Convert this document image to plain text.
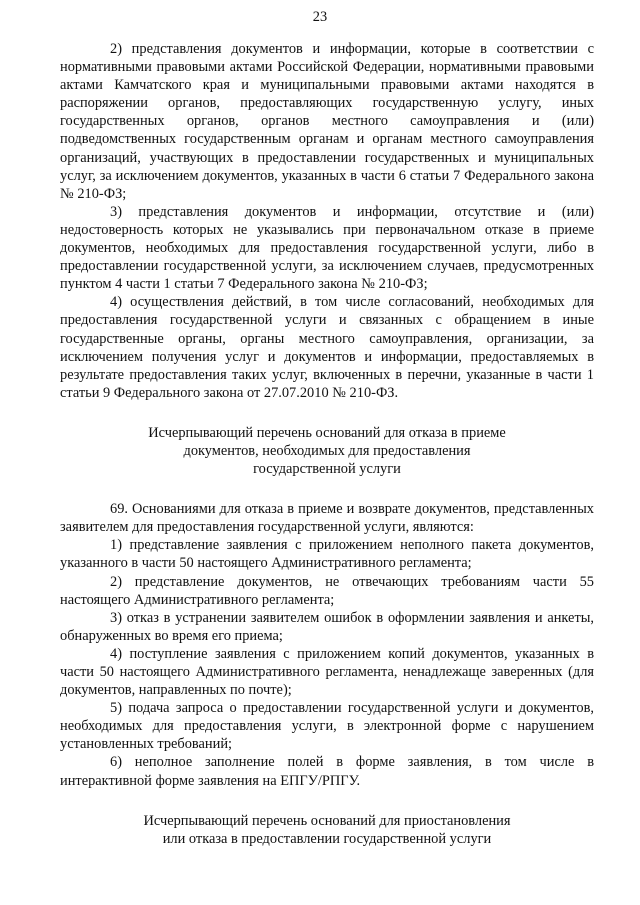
23

2) представления документов и информации, которые в соответствии с нормативными правовыми актами Российской Федерации, нормативными правовыми актами Камчатского края и муниципальными правовыми актами находятся в распоряжении органов, предоставляющих государственную услугу, иных государственных органов, органов местного самоуправления и (или) подведомственных государственным органам и органам местного самоуправления организаций, участвующих в предоставлении государственных и муниципальных услуг, за исключением документов, указанных в части 6 статьи 7 Федерального закона № 210-ФЗ;

3) представления документов и информации, отсутствие и (или) недостоверность которых не указывались при первоначальном отказе в приеме документов, необходимых для предоставления государственной услуги, либо в предоставлении государственной услуги, за исключением случаев, предусмотренных пунктом 4 части 1 статьи 7 Федерального закона № 210-ФЗ;

4) осуществления действий, в том числе согласований, необходимых для предоставления государственной услуги и связанных с обращением в иные государственные органы, органы местного самоуправления, организации, за исключением получения услуг и документов и информации, предоставляемых в результате предоставления таких услуг, включенных в перечни, указанные в части 1 статьи 9 Федерального закона от 27.07.2010 № 210-ФЗ.

Исчерпывающий перечень оснований для отказа в приеме
документов, необходимых для предоставления
государственной услуги

69. Основаниями для отказа в приеме и возврате документов, представленных заявителем для предоставления государственной услуги, являются:

1) представление заявления с приложением неполного пакета документов, указанного в части 50 настоящего Административного регламента;

2) представление документов, не отвечающих требованиям части 55 настоящего Административного регламента;

3) отказ в устранении заявителем ошибок в оформлении заявления и анкеты, обнаруженных во время его приема;

4) поступление заявления с приложением копий документов, указанных в части 50 настоящего Административного регламента, ненадлежаще заверенных (для документов, направленных по почте);

5) подача запроса о предоставлении государственной услуги и документов, необходимых для предоставления услуги, в электронной форме с нарушением установленных требований;

6) неполное заполнение полей в форме заявления, в том числе в интерактивной форме заявления на ЕПГУ/РПГУ.

Исчерпывающий перечень оснований для приостановления
или отказа в предоставлении государственной услуги
